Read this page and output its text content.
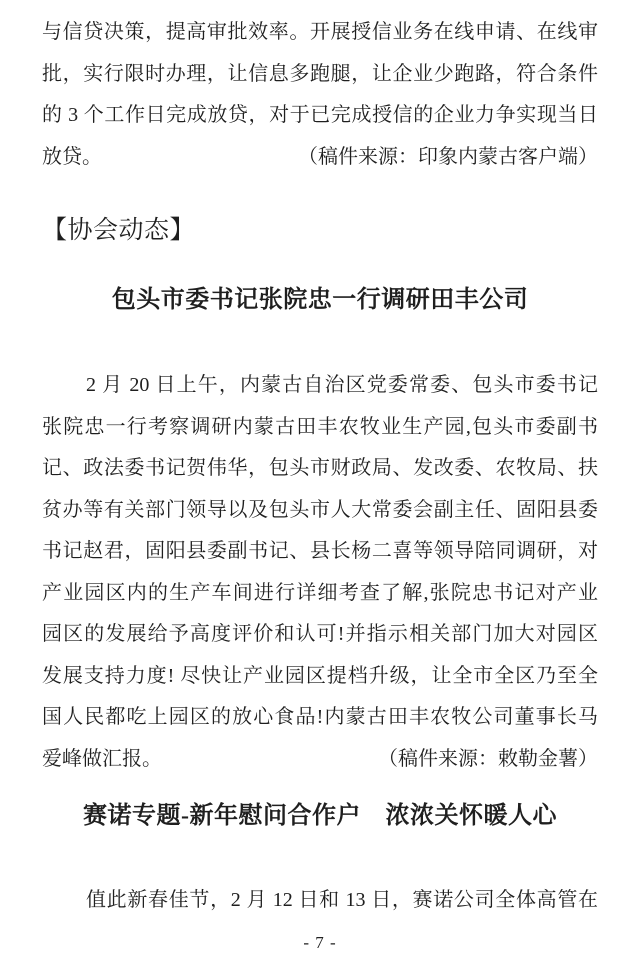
与信贷决策，提高审批效率。开展授信业务在线申请、在线审
批，实行限时办理，让信息多跑腿，让企业少跑路，符合条件
的 3 个工作日完成放贷，对于已完成授信的企业力争实现当日
放贷。	（稿件来源：印象内蒙古客户端）
【协会动态】
包头市委书记张院忠一行调研田丰公司
2 月 20 日上午，内蒙古自治区党委常委、包头市委书记
张院忠一行考察调研内蒙古田丰农牧业生产园,包头市委副书
记、政法委书记贺伟华，包头市财政局、发改委、农牧局、扶
贫办等有关部门领导以及包头市人大常委会副主任、固阳县委
书记赵君，固阳县委副书记、县长杨二喜等领导陪同调研，对
产业园区内的生产车间进行详细考查了解,张院忠书记对产业
园区的发展给予高度评价和认可!并指示相关部门加大对园区
发展支持力度! 尽快让产业园区提档升级，让全市全区乃至全
国人民都吃上园区的放心食品!内蒙古田丰农牧公司董事长马
爱峰做汇报。	（稿件来源：敕勒金薯）
赛诺专题-新年慰问合作户　浓浓关怀暖人心
值此新春佳节，2 月 12 日和 13 日，赛诺公司全体高管在
- 7 -
